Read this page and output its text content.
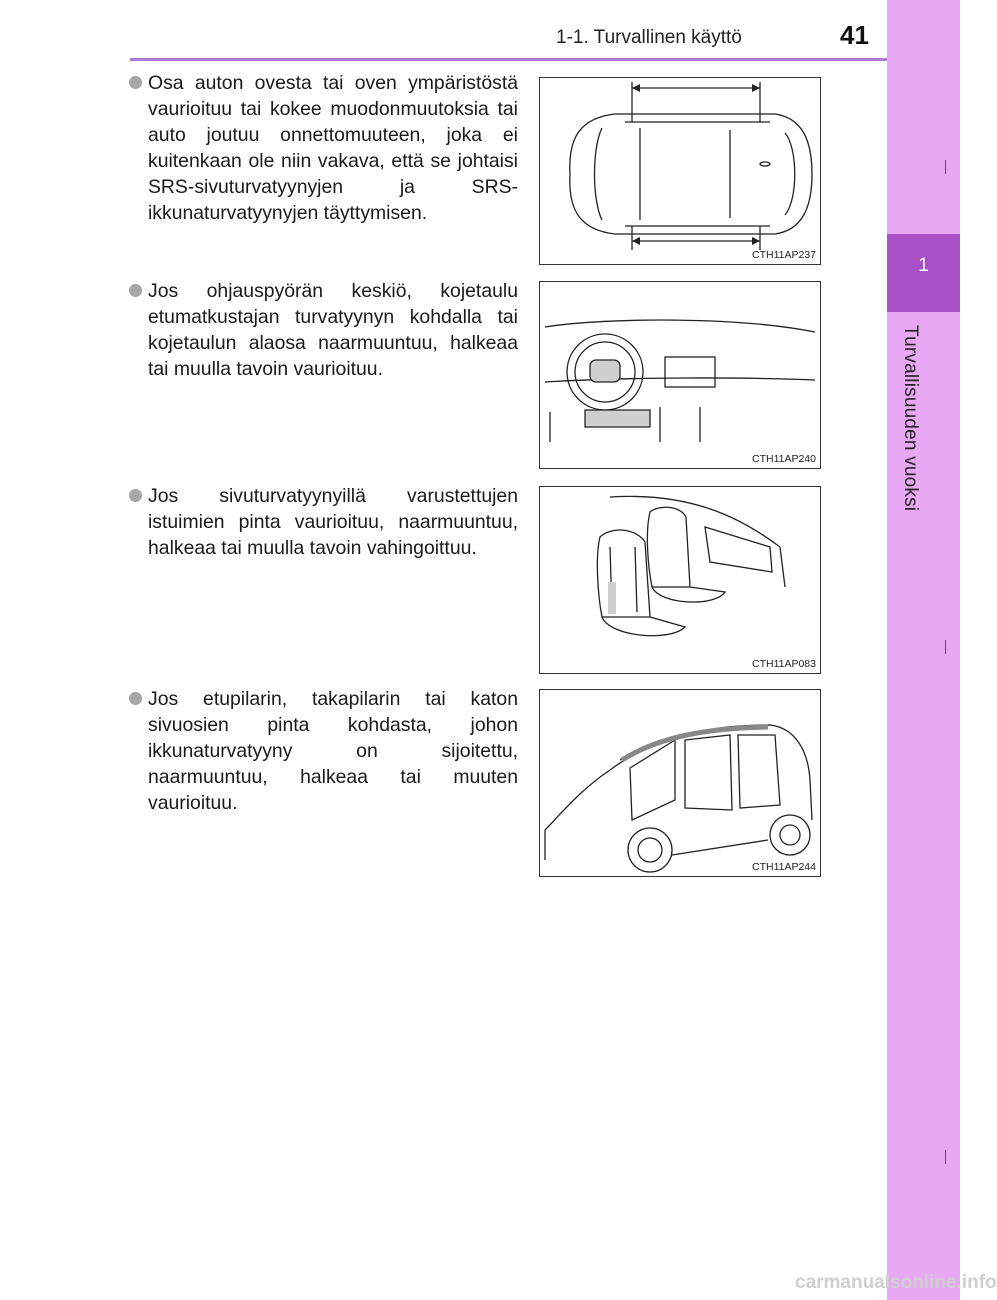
1-1. Turvallinen käyttö	41
1
Turvallisuuden vuoksi
Osa auton ovesta tai oven ympäristöstä vaurioituu tai kokee muodonmuutoksia tai auto joutuu onnettomuuteen, joka ei kuitenkaan ole niin vakava, että se johtaisi SRS-sivuturvatyynyjen ja SRS-ikkunaturvatyynyjen täyttymisen.
CTH11AP237
Jos ohjauspyörän keskiö, kojetaulu etumatkustajan turvatyynyn kohdalla tai kojetaulun alaosa naarmuuntuu, halkeaa tai muulla tavoin vaurioituu.
CTH11AP240
Jos sivuturvatyynyillä varustettujen istuimien pinta vaurioituu, naarmuuntuu, halkeaa tai muulla tavoin vahingoittuu.
CTH11AP083
Jos etupilarin, takapilarin tai katon sivuosien pinta kohdasta, johon ikkunaturvatyyny on sijoitettu, naarmuuntuu, halkeaa tai muuten vaurioituu.
CTH11AP244
carmanualsonline.info
